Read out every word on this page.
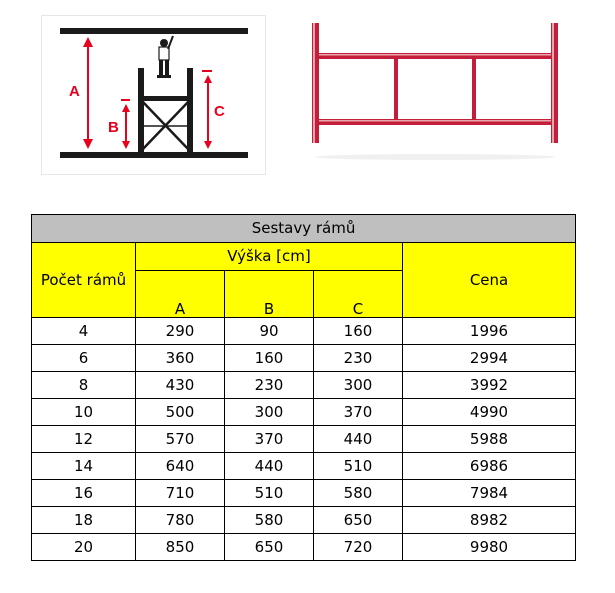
A
B
C
Sestavy rámů				
Počet rámů	Výška [cm]			Cena
	A	B	C	
4	290	90	160	1996
6	360	160	230	2994
8	430	230	300	3992
10	500	300	370	4990
12	570	370	440	5988
14	640	440	510	6986
16	710	510	580	7984
18	780	580	650	8982
20	850	650	720	9980
